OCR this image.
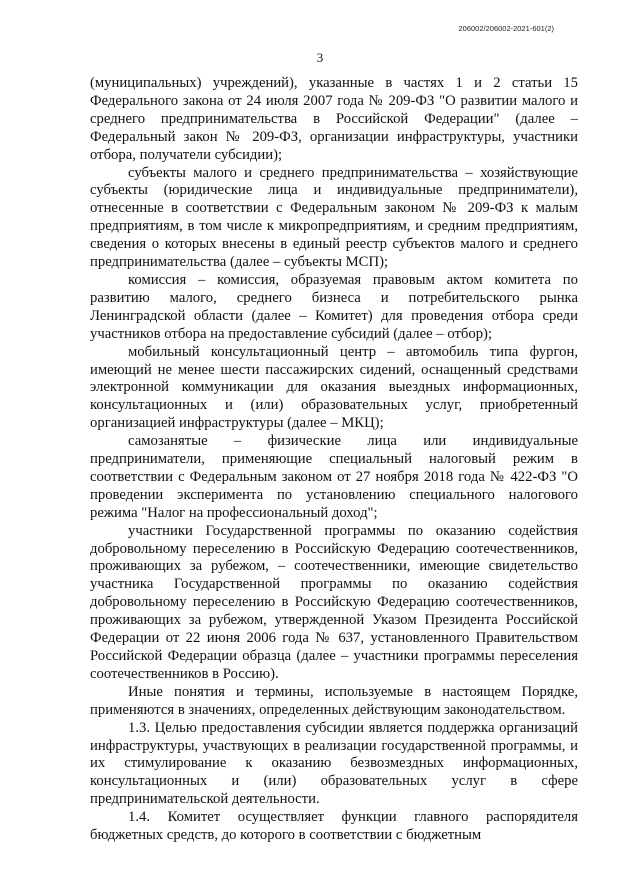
206002/206002-2021-601(2)
3

(муниципальных) учреждений), указанные в частях 1 и 2 статьи 15 Федерального закона от 24 июля 2007 года № 209-ФЗ "О развитии малого и среднего предпринимательства в Российской Федерации" (далее – Федеральный закон № 209-ФЗ, организации инфраструктуры, участники отбора, получатели субсидии);

субъекты малого и среднего предпринимательства – хозяйствующие субъекты (юридические лица и индивидуальные предприниматели), отнесенные в соответствии с Федеральным законом № 209-ФЗ к малым предприятиям, в том числе к микропредприятиям, и средним предприятиям, сведения о которых внесены в единый реестр субъектов малого и среднего предпринимательства (далее – субъекты МСП);

комиссия – комиссия, образуемая правовым актом комитета по развитию малого, среднего бизнеса и потребительского рынка Ленинградской области (далее – Комитет) для проведения отбора среди участников отбора на предоставление субсидий (далее – отбор);

мобильный консультационный центр – автомобиль типа фургон, имеющий не менее шести пассажирских сидений, оснащенный средствами электронной коммуникации для оказания выездных информационных, консультационных и (или) образовательных услуг, приобретенный организацией инфраструктуры (далее – МКЦ);

самозанятые – физические лица или индивидуальные предприниматели, применяющие специальный налоговый режим в соответствии с Федеральным законом от 27 ноября 2018 года № 422-ФЗ "О проведении эксперимента по установлению специального налогового режима "Налог на профессиональный доход";

участники Государственной программы по оказанию содействия добровольному переселению в Российскую Федерацию соотечественников, проживающих за рубежом, – соотечественники, имеющие свидетельство участника Государственной программы по оказанию содействия добровольному переселению в Российскую Федерацию соотечественников, проживающих за рубежом, утвержденной Указом Президента Российской Федерации от 22 июня 2006 года № 637, установленного Правительством Российской Федерации образца (далее – участники программы переселения соотечественников в Россию).

Иные понятия и термины, используемые в настоящем Порядке, применяются в значениях, определенных действующим законодательством.

1.3. Целью предоставления субсидии является поддержка организаций инфраструктуры, участвующих в реализации государственной программы, и их стимулирование к оказанию безвозмездных информационных, консультационных и (или) образовательных услуг в сфере предпринимательской деятельности.

1.4. Комитет осуществляет функции главного распорядителя бюджетных средств, до которого в соответствии с бюджетным
